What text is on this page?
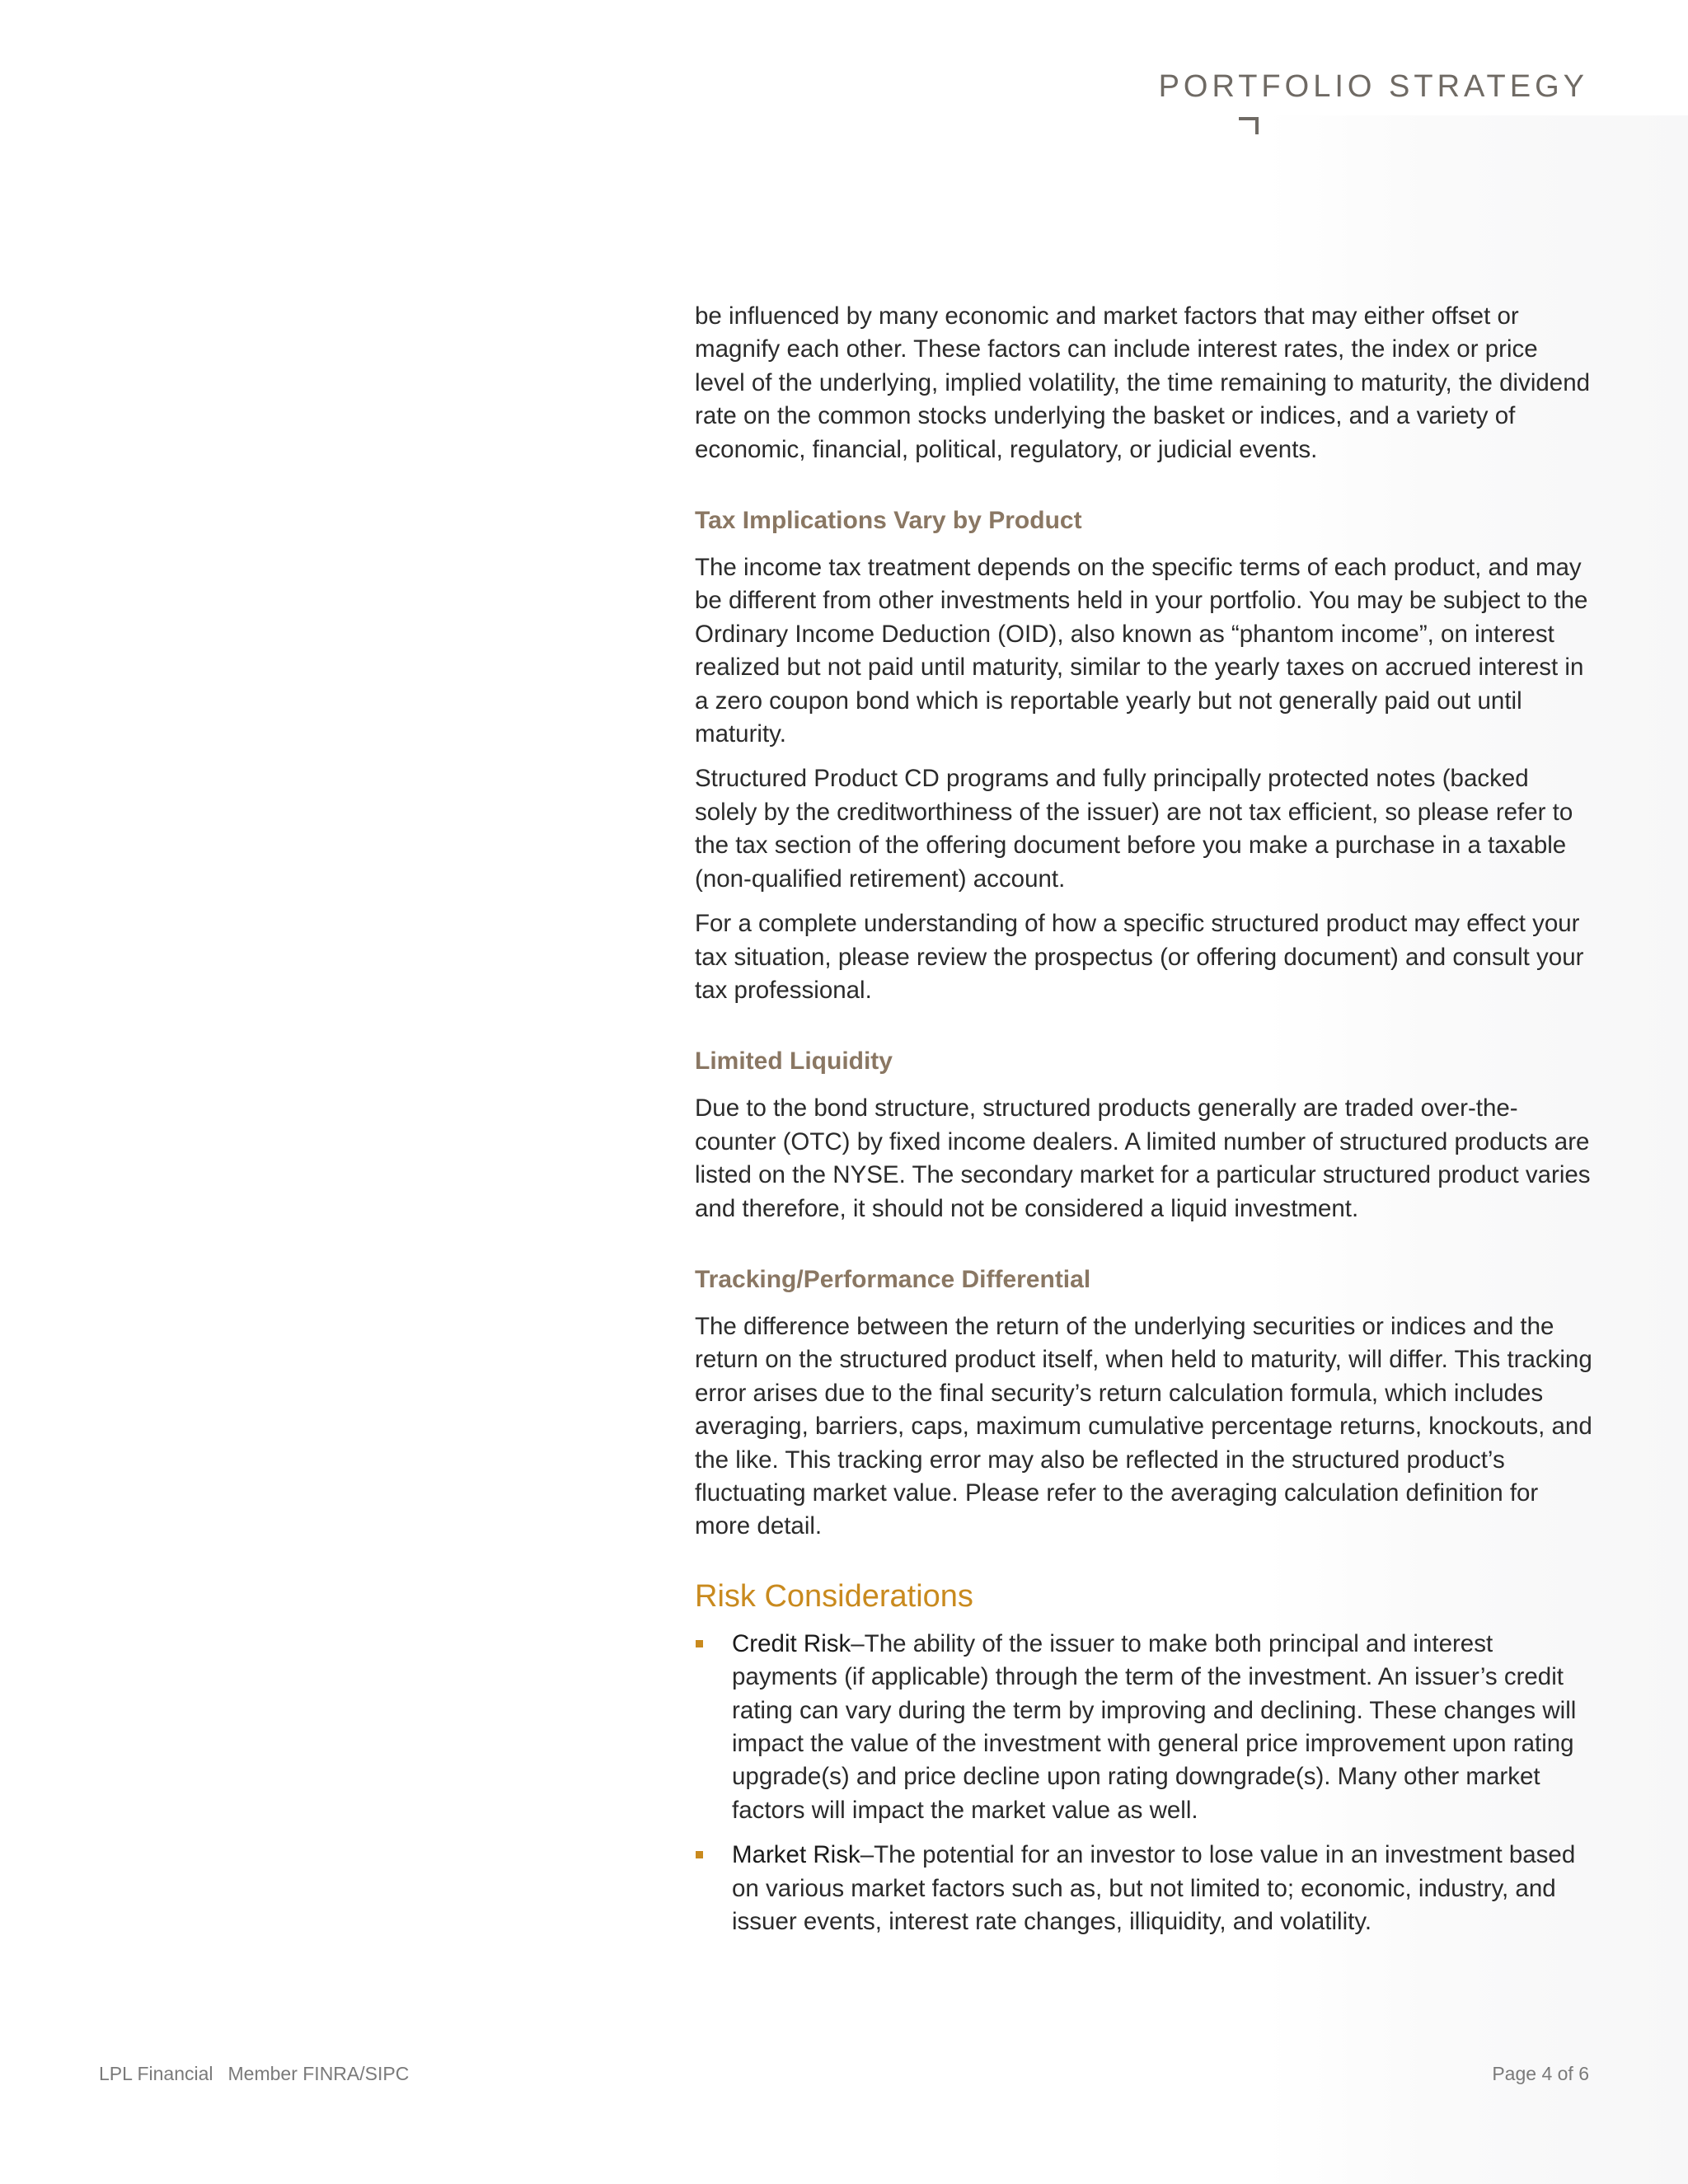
PORTFOLIO STRATEGY

be influenced by many economic and market factors that may either offset or magnify each other. These factors can include interest rates, the index or price level of the underlying, implied volatility, the time remaining to maturity, the dividend rate on the common stocks underlying the basket or indices, and a variety of economic, financial, political, regulatory, or judicial events.

Tax Implications Vary by Product

The income tax treatment depends on the specific terms of each product, and may be different from other investments held in your portfolio. You may be subject to the Ordinary Income Deduction (OID), also known as “phantom income”, on interest realized but not paid until maturity, similar to the yearly taxes on accrued interest in a zero coupon bond which is reportable yearly but not generally paid out until maturity.

Structured Product CD programs and fully principally protected notes (backed solely by the creditworthiness of the issuer) are not tax efficient, so please refer to the tax section of the offering document before you make a purchase in a taxable (non-qualified retirement) account.

For a complete understanding of how a specific structured product may effect your tax situation, please review the prospectus (or offering document) and consult your tax professional.

Limited Liquidity

Due to the bond structure, structured products generally are traded over-the-counter (OTC) by fixed income dealers. A limited number of structured products are listed on the NYSE. The secondary market for a particular structured product varies and therefore, it should not be considered a liquid investment.

Tracking/Performance Differential

The difference between the return of the underlying securities or indices and the return on the structured product itself, when held to maturity, will differ. This tracking error arises due to the final security’s return calculation formula, which includes averaging, barriers, caps, maximum cumulative percentage returns, knockouts, and the like. This tracking error may also be reflected in the structured product’s fluctuating market value. Please refer to the averaging calculation definition for more detail.

Risk Considerations
Credit Risk–The ability of the issuer to make both principal and interest payments (if applicable) through the term of the investment. An issuer’s credit rating can vary during the term by improving and declining. These changes will impact the value of the investment with general price improvement upon rating upgrade(s) and price decline upon rating downgrade(s). Many other market factors will impact the market value as well.
Market Risk–The potential for an investor to lose value in an investment based on various market factors such as, but not limited to; economic, industry, and issuer events, interest rate changes, illiquidity, and volatility.
LPL Financial Member FINRA/SIPC	Page 4 of 6
